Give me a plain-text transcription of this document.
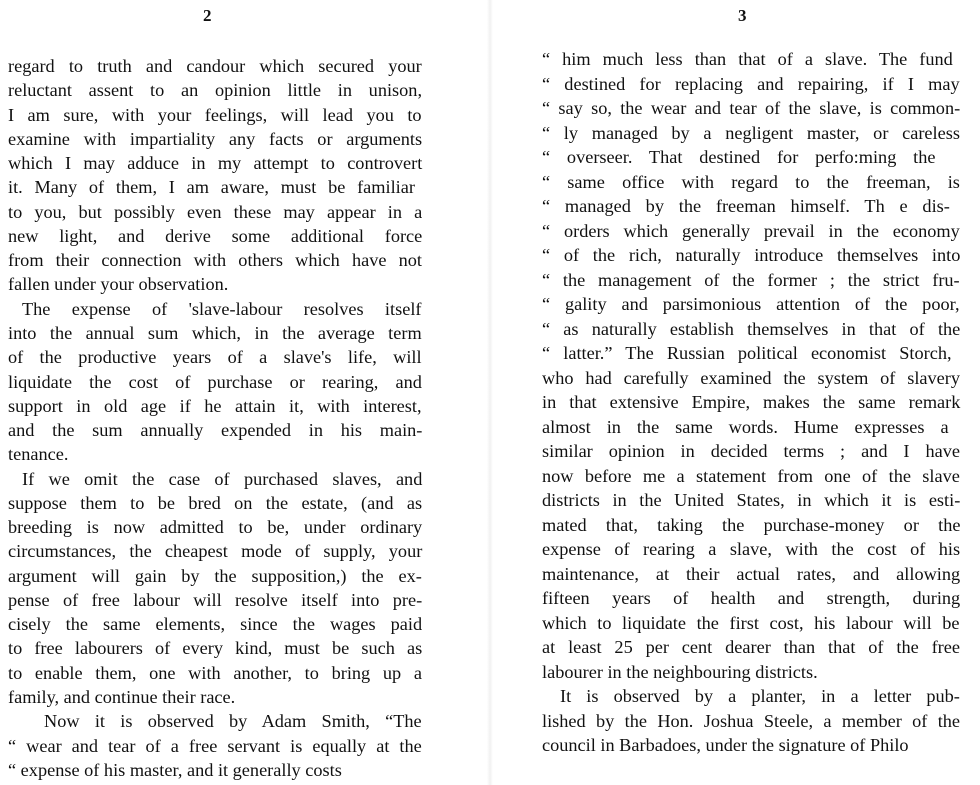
2
regard to truth and candour which secured your
reluctant assent to an opinion little in unison,
I am sure, with your feelings, will lead you to
examine with impartiality any facts or arguments
which I may adduce in my attempt to controvert
it. Many of them, I am aware, must be familiar
to you, but possibly even these may appear in a
new light, and derive some additional force
from their connection with others which have not
fallen under your observation.
The expense of 'slave-labour resolves itself
into the annual sum which, in the average term
of the productive years of a slave's life, will
liquidate the cost of purchase or rearing, and
support in old age if he attain it, with interest,
and the sum annually expended in his main-
tenance.
If we omit the case of purchased slaves, and
suppose them to be bred on the estate, (and as
breeding is now admitted to be, under ordinary
circumstances, the cheapest mode of supply, your
argument will gain by the supposition,) the ex-
pense of free labour will resolve itself into pre-
cisely the same elements, since the wages paid
to free labourers of every kind, must be such as
to enable them, one with another, to bring up a
family, and continue their race.
Now it is observed by Adam Smith, “The
“ wear and tear of a free servant is equally at the
“ expense of his master, and it generally costs
3
“ him much less than that of a slave. The fund
“ destined for replacing and repairing, if I may
“ say so, the wear and tear of the slave, is common-
“ ly managed by a negligent master, or careless
“ overseer. That destined for perfo:ming the
“ same office with regard to the freeman, is
“ managed by the freeman himself. Th e dis-
“ orders which generally prevail in the economy
“ of the rich, naturally introduce themselves into
“ the management of the former ; the strict fru-
“ gality and parsimonious attention of the poor,
“ as naturally establish themselves in that of the
“ latter.” The Russian political economist Storch,
who had carefully examined the system of slavery
in that extensive Empire, makes the same remark
almost in the same words. Hume expresses a
similar opinion in decided terms ; and I have
now before me a statement from one of the slave
districts in the United States, in which it is esti-
mated that, taking the purchase-money or the
expense of rearing a slave, with the cost of his
maintenance, at their actual rates, and allowing
fifteen years of health and strength, during
which to liquidate the first cost, his labour will be
at least 25 per cent dearer than that of the free
labourer in the neighbouring districts.
It is observed by a planter, in a letter pub-
lished by the Hon. Joshua Steele, a member of the
council in Barbadoes, under the signature of Philo
